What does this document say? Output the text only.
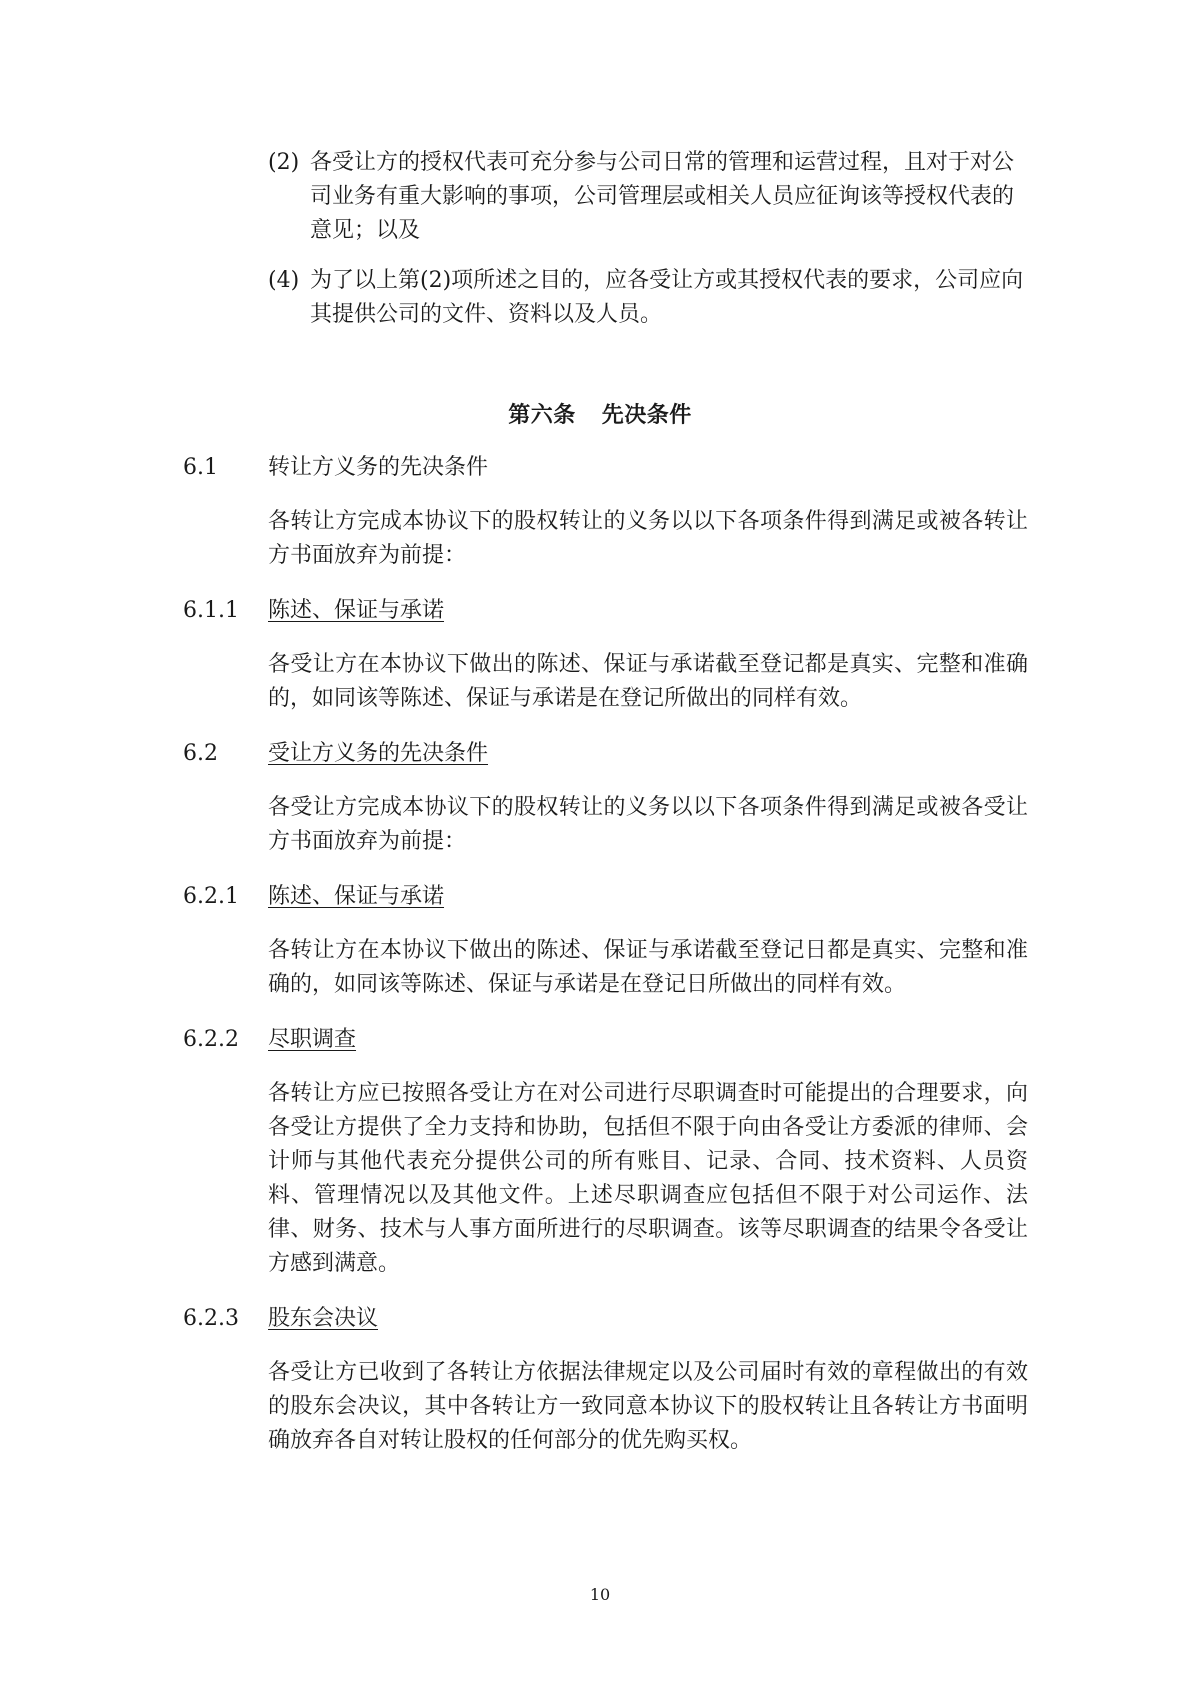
(2) 各受让方的授权代表可充分参与公司日常的管理和运营过程，且对于对公司业务有重大影响的事项，公司管理层或相关人员应征询该等授权代表的意见；以及
(4) 为了以上第(2)项所述之目的，应各受让方或其授权代表的要求，公司应向其提供公司的文件、资料以及人员。
第六条 先决条件
6.1 转让方义务的先决条件
各转让方完成本协议下的股权转让的义务以以下各项条件得到满足或被各转让方书面放弃为前提：
6.1.1 陈述、保证与承诺
各受让方在本协议下做出的陈述、保证与承诺截至登记都是真实、完整和准确的，如同该等陈述、保证与承诺是在登记所做出的同样有效。
6.2 受让方义务的先决条件
各受让方完成本协议下的股权转让的义务以以下各项条件得到满足或被各受让方书面放弃为前提：
6.2.1 陈述、保证与承诺
各转让方在本协议下做出的陈述、保证与承诺截至登记日都是真实、完整和准确的，如同该等陈述、保证与承诺是在登记日所做出的同样有效。
6.2.2 尽职调查
各转让方应已按照各受让方在对公司进行尽职调查时可能提出的合理要求，向各受让方提供了全力支持和协助，包括但不限于向由各受让方委派的律师、会计师与其他代表充分提供公司的所有账目、记录、合同、技术资料、人员资料、管理情况以及其他文件。上述尽职调查应包括但不限于对公司运作、法律、财务、技术与人事方面所进行的尽职调查。该等尽职调查的结果令各受让方感到满意。
6.2.3 股东会决议
各受让方已收到了各转让方依据法律规定以及公司届时有效的章程做出的有效的股东会决议，其中各转让方一致同意本协议下的股权转让且各转让方书面明确放弃各自对转让股权的任何部分的优先购买权。
10
